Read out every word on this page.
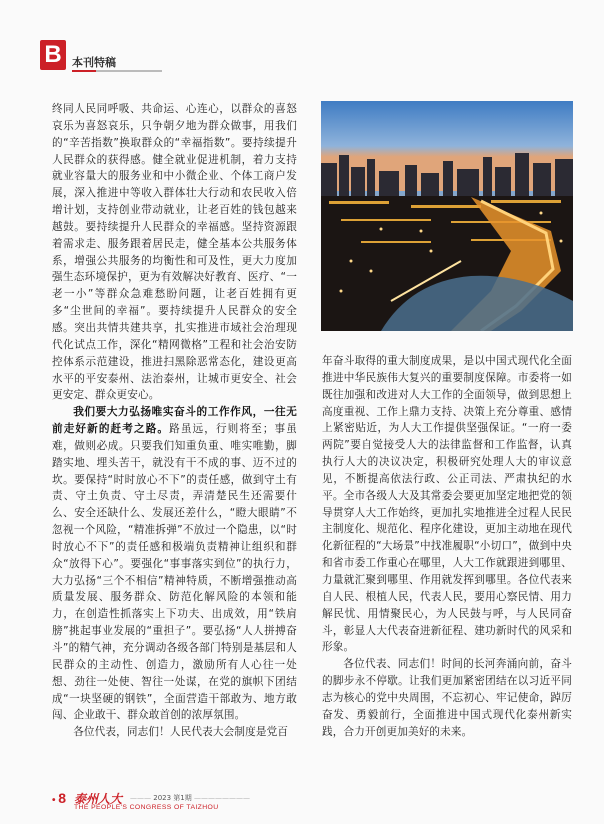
B 本刊特稿

终同人民同呼吸、共命运、心连心，以群众的喜怒哀乐为喜怒哀乐，只争朝夕地为群众做事，用我们的“辛苦指数”换取群众的“幸福指数”。要持续提升人民群众的获得感。健全就业促进机制，着力支持就业容量大的服务业和中小微企业、个体工商户发展，深入推进中等收入群体壮大行动和农民收入倍增计划，支持创业带动就业，让老百姓的钱包越来越鼓。要持续提升人民群众的幸福感。坚持资源跟着需求走、服务跟着居民走，健全基本公共服务体系，增强公共服务的均衡性和可及性，更大力度加强生态环境保护，更为有效解决好教育、医疗、“一老一小”等群众急难愁盼问题，让老百姓拥有更多“尘世间的幸福”。要持续提升人民群众的安全感。突出共情共建共享，扎实推进市域社会治理现代化试点工作，深化“精网微格”工程和社会治安防控体系示范建设，推进扫黑除恶常态化，建设更高水平的平安泰州、法治泰州，让城市更安全、社会更安定、群众更安心。

我们要大力弘扬唯实奋斗的工作作风，一往无前走好新的赶考之路。路虽远，行则将至；事虽难，做则必成。只要我们知重负重、唯实唯勤，脚踏实地、埋头苦干，就没有干不成的事、迈不过的坎。要保持“时时放心不下”的责任感，做到守土有责、守土负责、守土尽责，弄清楚民生还需要什么、安全还缺什么、发展还差什么，“瞪大眼睛”不忽视一个风险，“精准拆弹”不放过一个隐患，以“时时放心不下”的责任感和极端负责精神让组织和群众“放得下心”。要强化“事事落实到位”的执行力，大力弘扬“三个不相信”精神特质，不断增强推动高质量发展、服务群众、防范化解风险的本领和能力，在创造性抓落实上下功夫、出成效，用“铁肩膀”挑起事业发展的“重担子”。要弘扬“人人拼搏奋斗”的精气神，充分调动各级各部门特别是基层和人民群众的主动性、创造力，激励所有人心往一处想、劲往一处使、智往一处谋，在党的旗帜下团结成“一块坚硬的钢铁”，全面营造干部敢为、地方敢闯、企业敢干、群众敢首创的浓厚氛围。

各位代表，同志们！人民代表大会制度是党百

年奋斗取得的重大制度成果，是以中国式现代化全面推进中华民族伟大复兴的重要制度保障。市委将一如既往加强和改进对人大工作的全面领导，做到思想上高度重视、工作上鼎力支持、决策上充分尊重、感情上紧密贴近，为人大工作提供坚强保证。“一府一委两院”要自觉接受人大的法律监督和工作监督，认真执行人大的决议决定，积极研究处理人大的审议意见，不断提高依法行政、公正司法、严肃执纪的水平。全市各级人大及其常委会要更加坚定地把党的领导贯穿人大工作始终，更加扎实地推进全过程人民民主制度化、规范化、程序化建设，更加主动地在现代化新征程的“大场景”中找准履职“小切口”，做到中央和省市委工作重心在哪里，人大工作就跟进到哪里、力量就汇聚到哪里、作用就发挥到哪里。各位代表来自人民、根植人民，代表人民，要用心察民情、用力解民忧、用情聚民心，为人民鼓与呼，与人民同奋斗，彰显人大代表奋进新征程、建功新时代的风采和形象。

各位代表、同志们！时间的长河奔涌向前，奋斗的脚步永不停歇。让我们更加紧密团结在以习近平同志为核心的党中央周围，不忘初心、牢记使命，踔厉奋发、勇毅前行，全面推进中国式现代化泰州新实践，合力开创更加美好的未来。

• 8 泰州人大
———	2023 第1期 —————
THE PEOPLE'S CONGRESS OF TAIZHOU
